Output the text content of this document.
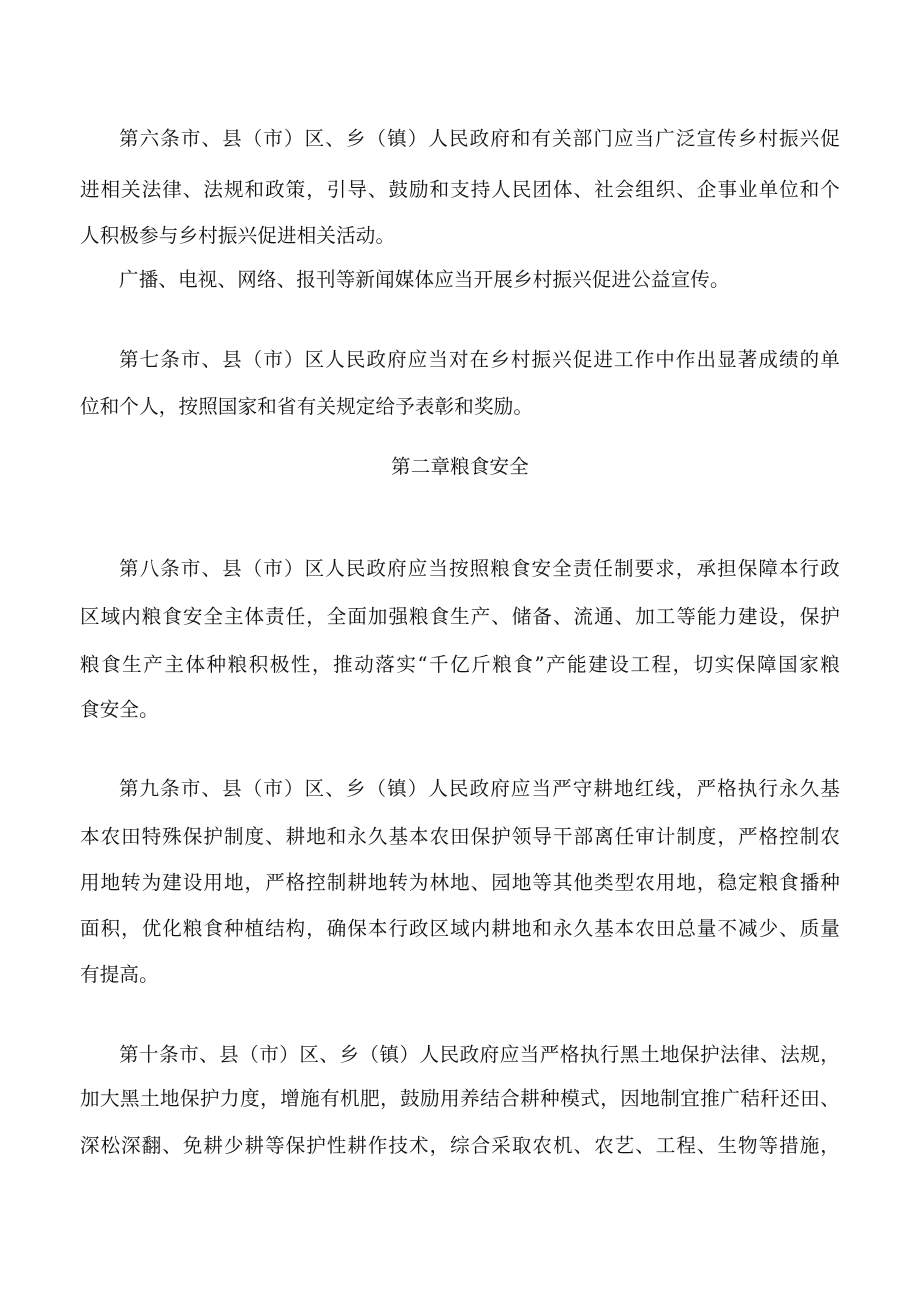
第六条市、县（市）区、乡（镇）人民政府和有关部门应当广泛宣传乡村振兴促
进相关法律、法规和政策，引导、鼓励和支持人民团体、社会组织、企事业单位和个
人积极参与乡村振兴促进相关活动。
广播、电视、网络、报刊等新闻媒体应当开展乡村振兴促进公益宣传。
第七条市、县（市）区人民政府应当对在乡村振兴促进工作中作出显著成绩的单
位和个人，按照国家和省有关规定给予表彰和奖励。
第二章粮食安全
第八条市、县（市）区人民政府应当按照粮食安全责任制要求，承担保障本行政
区域内粮食安全主体责任，全面加强粮食生产、储备、流通、加工等能力建设，保护
粮食生产主体种粮积极性，推动落实“千亿斤粮食”产能建设工程，切实保障国家粮
食安全。
第九条市、县（市）区、乡（镇）人民政府应当严守耕地红线，严格执行永久基
本农田特殊保护制度、耕地和永久基本农田保护领导干部离任审计制度，严格控制农
用地转为建设用地，严格控制耕地转为林地、园地等其他类型农用地，稳定粮食播种
面积，优化粮食种植结构，确保本行政区域内耕地和永久基本农田总量不减少、质量
有提高。
第十条市、县（市）区、乡（镇）人民政府应当严格执行黑土地保护法律、法规，
加大黑土地保护力度，增施有机肥，鼓励用养结合耕种模式，因地制宜推广秸秆还田、
深松深翻、免耕少耕等保护性耕作技术，综合采取农机、农艺、工程、生物等措施，
